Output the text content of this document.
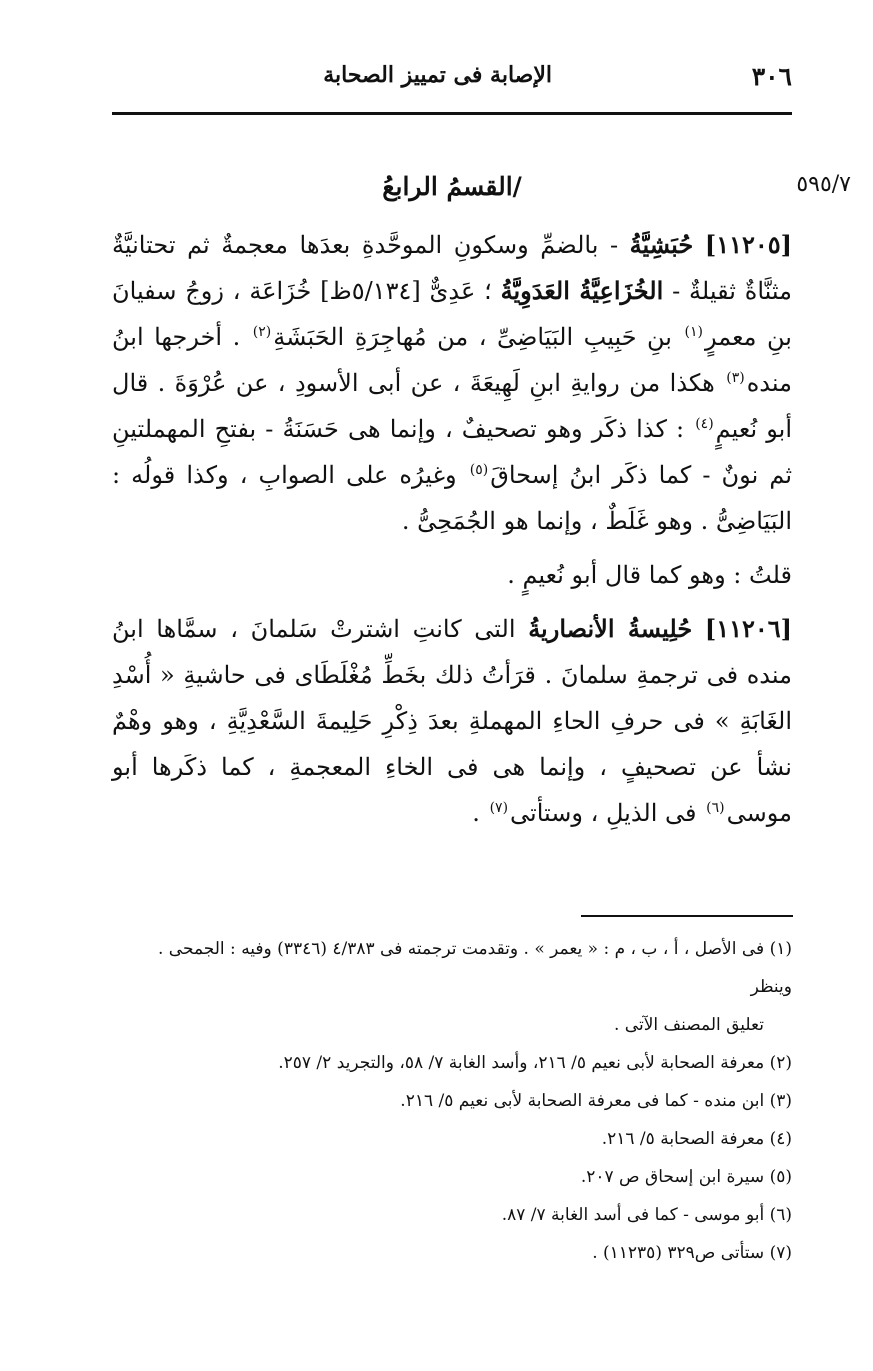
٣٠٦
الإصابة فى تمييز الصحابة
٥٩٥/٧
/القسمُ الرابعُ

[١١٢٠٥] حُبَشِيَّةُ - بالضمِّ وسكونِ الموحَّدةِ بعدَها معجمةٌ ثم تحتانيَّةٌ مثنَّاةٌ ثقيلةٌ - الخُزَاعِيَّةُ العَدَوِيَّةُ ؛ عَدِىٌّ [٥/١٣٤ظ] خُزَاعَة ، زوجُ سفيانَ بنِ معمرٍ$^{(١)}$ بنِ حَبِيبِ البَيَاضِىِّ ، من مُهاجِرَةِ الحَبَشَةِ$^{(٢)}$ . أخرجها ابنُ منده$^{(٣)}$ هكذا من روايةِ ابنِ لَهِيعَةَ ، عن أبى الأسودِ ، عن عُرْوَةَ . قال أبو نُعيمٍ$^{(٤)}$ : كذا ذكَر وهو تصحيفٌ ، وإنما هى حَسَنَةُ - بفتحِ المهملتينِ ثم نونٌ - كما ذكَر ابنُ إسحاقَ$^{(٥)}$ وغيرُه على الصوابِ ، وكذا قولُه : البَيَاضِىُّ . وهو غَلَطٌ ، وإنما هو الجُمَحِىُّ .

قلتُ : وهو كما قال أبو نُعيمٍ .

[١١٢٠٦] حُلِيسةُ الأنصاريةُ التى كانتِ اشترتْ سَلمانَ ، سمَّاها ابنُ منده فى ترجمةِ سلمانَ . قرَأتُ ذلك بخَطِّ مُغْلَطَاى فى حاشيةِ « أُسْدِ الغَابَةِ » فى حرفِ الحاءِ المهملةِ بعدَ ذِكْرِ حَلِيمةَ السَّعْدِيَّةِ ، وهو وهْمٌ نشأ عن تصحيفٍ ، وإنما هى فى الخاءِ المعجمةِ ، كما ذكَرها أبو موسى$^{(٦)}$ فى الذيلِ ، وستأتى$^{(٧)}$ .

(١) فى الأصل ، أ ، ب ، م : « يعمر » . وتقدمت ترجمته فى ٤/٣٨٣ (٣٣٤٦) وفيه : الجمحى . وينظر

تعليق المصنف الآتى .

(٢) معرفة الصحابة لأبى نعيم ٥/ ٢١٦، وأسد الغابة ٧/ ٥٨، والتجريد ٢/ ٢٥٧.

(٣) ابن منده - كما فى معرفة الصحابة لأبى نعيم ٥/ ٢١٦.

(٤) معرفة الصحابة ٥/ ٢١٦.

(٥) سيرة ابن إسحاق ص ٢٠٧.

(٦) أبو موسى - كما فى أسد الغابة ٧/ ٨٧.

(٧) ستأتى ص٣٢٩ (١١٢٣٥) .
